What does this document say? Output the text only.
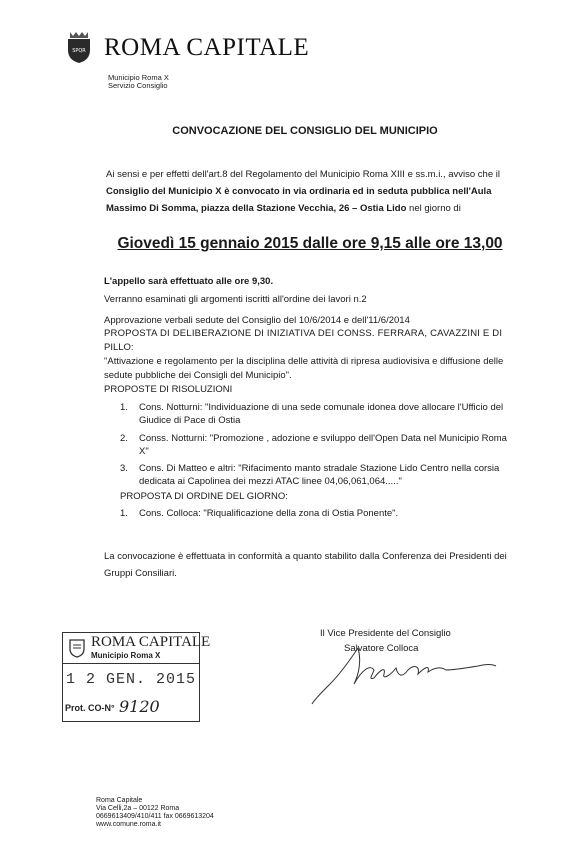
SPQR ROMA CAPITALE
Municipio Roma X
Servizio Consiglio
CONVOCAZIONE DEL CONSIGLIO DEL MUNICIPIO
Ai sensi e per effetti dell'art.8 del Regolamento del Municipio Roma XIII e ss.m.i., avviso che il
Consiglio del Municipio X è convocato in via ordinaria ed in seduta pubblica nell'Aula
Massimo Di Somma, piazza della Stazione Vecchia, 26 – Ostia Lido nel giorno di
Giovedì 15 gennaio 2015 dalle ore 9,15 alle ore 13,00
L'appello sarà effettuato alle ore 9,30.
Verranno esaminati gli argomenti iscritti all'ordine dei lavori n.2
Approvazione verbali sedute del Consiglio del 10/6/2014 e dell'11/6/2014
PROPOSTA DI DELIBERAZIONE DI INIZIATIVA DEI CONSS. FERRARA, CAVAZZINI E DI
PILLO:
"Attivazione e regolamento per la disciplina delle attività di ripresa audiovisiva e diffusione delle
sedute pubbliche dei Consigli del Municipio".
PROPOSTE DI RISOLUZIONI
1. Cons. Notturni: "Individuazione di una sede comunale idonea dove allocare l'Ufficio del
Giudice di Pace di Ostia
2. Conss. Notturni: "Promozione , adozione e sviluppo dell'Open Data nel Municipio Roma
X"
3. Cons. Di Matteo e altri: "Rifacimento manto stradale Stazione Lido Centro nella corsia
dedicata ai Capolinea dei mezzi ATAC linee 04,06,061,064....."
PROPOSTA DI ORDINE DEL GIORNO:
1. Cons. Colloca: "Riqualificazione della zona di Ostia Ponente".
La convocazione è effettuata in conformità a quanto stabilito dalla Conferenza dei Presidenti dei
Gruppi Consiliari.
Il Vice Presidente del Consiglio
Salvatore Colloca
ROMA CAPITALE
Municipio Roma X
1 2 GEN. 2015
Prot. CO-N° 9120
Roma Capitale
Via Celli,2a – 00122 Roma
0669613409/410/411 fax 0669613204
www.comune.roma.it
